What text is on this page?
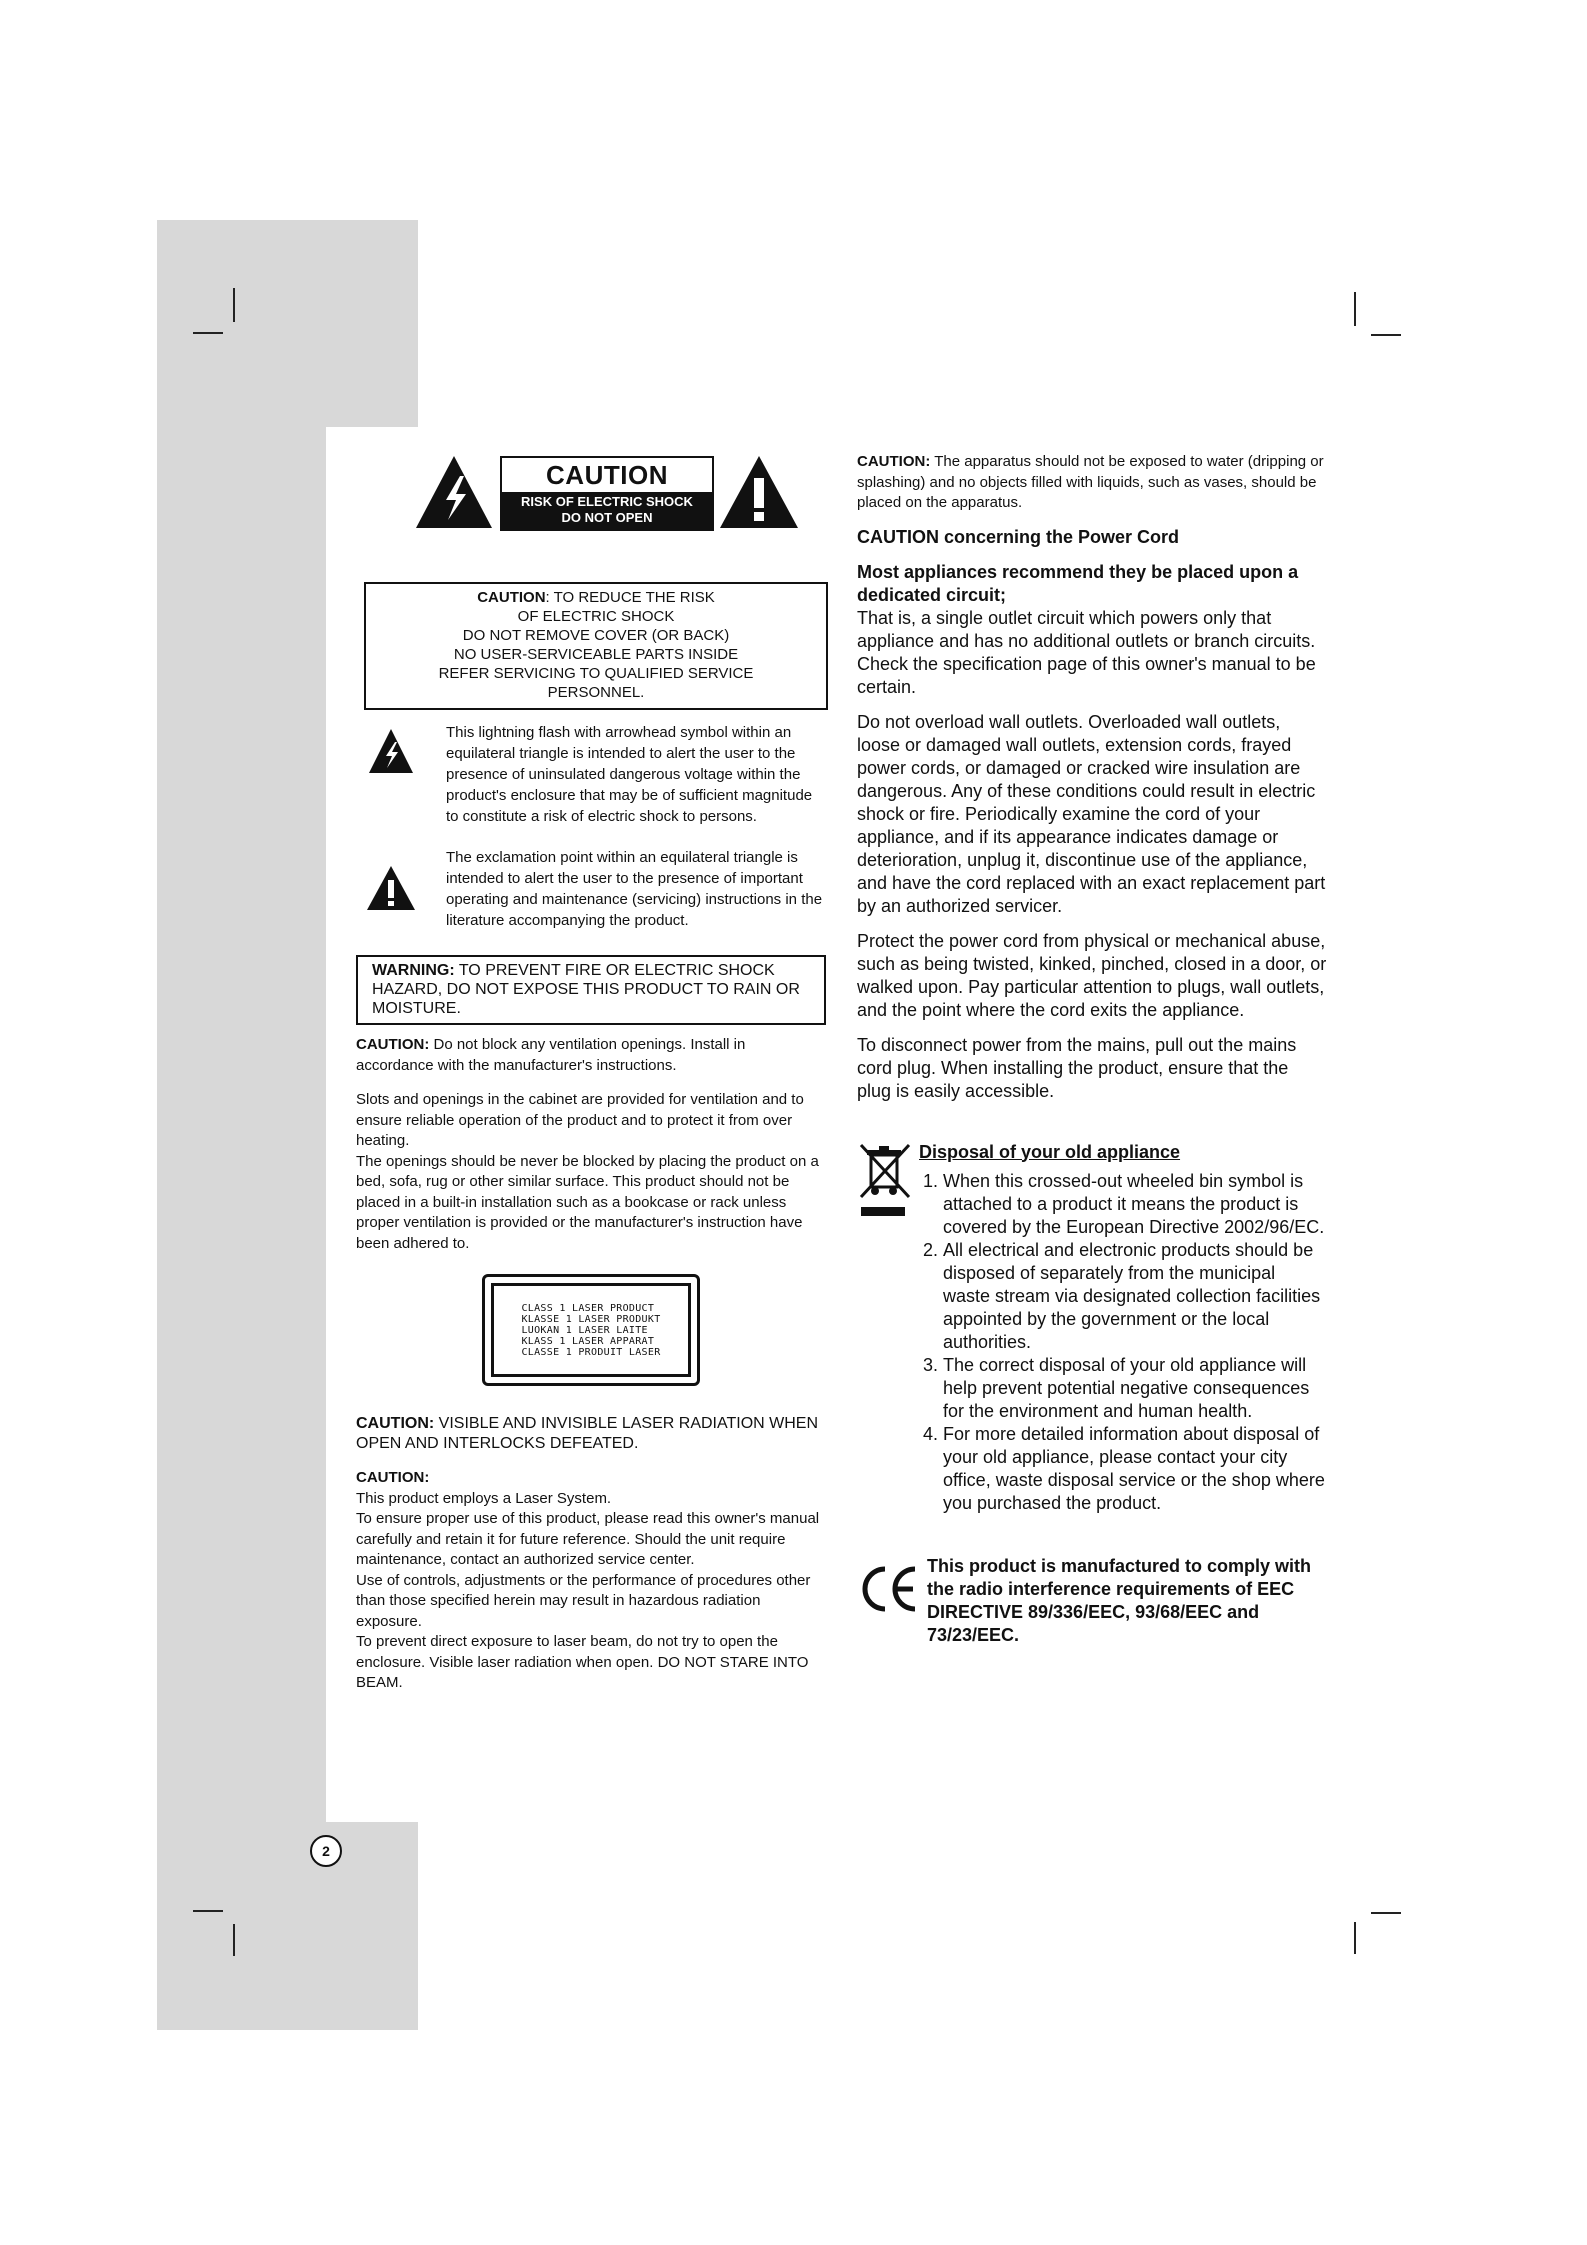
CAUTION
RISK OF ELECTRIC SHOCK
DO NOT OPEN
CAUTION: TO REDUCE THE RISK
OF ELECTRIC SHOCK
DO NOT REMOVE COVER (OR BACK)
NO USER-SERVICEABLE PARTS INSIDE
REFER SERVICING TO QUALIFIED SERVICE
PERSONNEL.
This lightning flash with arrowhead symbol within an equilateral triangle is intended to alert the user to the presence of uninsulated dangerous voltage within the product's enclosure that may be of sufficient magnitude to constitute a risk of electric shock to persons.
The exclamation point within an equilateral triangle is intended to alert the user to the presence of important operating and maintenance (servicing) instructions in the literature accompanying the product.
WARNING: TO PREVENT FIRE OR ELECTRIC SHOCK HAZARD, DO NOT EXPOSE THIS PRODUCT TO RAIN OR MOISTURE.

CAUTION: Do not block any ventilation openings. Install in accordance with the manufacturer's instructions.

Slots and openings in the cabinet are provided for ventilation and to ensure reliable operation of the product and to protect it from over heating.

The openings should be never be blocked by placing the product on a bed, sofa, rug or other similar surface. This product should not be placed in a built-in installation such as a bookcase or rack unless proper ventilation is provided or the manufacturer's instruction have been adhered to.

CLASS 1 LASER PRODUCT
KLASSE 1 LASER PRODUKT
LUOKAN 1 LASER LAITE
KLASS 1 LASER APPARAT
CLASSE 1 PRODUIT LASER

CAUTION: VISIBLE AND INVISIBLE LASER RADIATION WHEN OPEN AND INTERLOCKS DEFEATED.

CAUTION:
This product employs a Laser System.
To ensure proper use of this product, please read this owner's manual carefully and retain it for future reference. Should the unit require maintenance, contact an authorized service center.
Use of controls, adjustments or the performance of procedures other than those specified herein may result in hazardous radiation exposure.
To prevent direct exposure to laser beam, do not try to open the enclosure. Visible laser radiation when open. DO NOT STARE INTO BEAM.

CAUTION: The apparatus should not be exposed to water (dripping or splashing) and no objects filled with liquids, such as vases, should be placed on the apparatus.

CAUTION concerning the Power Cord
Most appliances recommend they be placed upon a dedicated circuit;

That is, a single outlet circuit which powers only that appliance and has no additional outlets or branch circuits. Check the specification page of this owner's manual to be certain.

Do not overload wall outlets. Overloaded wall outlets, loose or damaged wall outlets, extension cords, frayed power cords, or damaged or cracked wire insulation are dangerous. Any of these conditions could result in electric shock or fire. Periodically examine the cord of your appliance, and if its appearance indicates damage or deterioration, unplug it, discontinue use of the appliance, and have the cord replaced with an exact replacement part by an authorized servicer.

Protect the power cord from physical or mechanical abuse, such as being twisted, kinked, pinched, closed in a door, or walked upon. Pay particular attention to plugs, wall outlets, and the point where the cord exits the appliance.

To disconnect power from the mains, pull out the mains cord plug. When installing the product, ensure that the plug is easily accessible.

Disposal of your old appliance
1. When this crossed-out wheeled bin symbol is attached to a product it means the product is covered by the European Directive 2002/96/EC.
2. All electrical and electronic products should be disposed of separately from the municipal waste stream via designated collection facilities appointed by the government or the local authorities.
3. The correct disposal of your old appliance will help prevent potential negative consequences for the environment and human health.
4. For more detailed information about disposal of your old appliance, please contact your city office, waste disposal service or the shop where you purchased the product.
This product is manufactured to comply with the radio interference requirements of EEC DIRECTIVE 89/336/EEC, 93/68/EEC and 73/23/EEC.
2
